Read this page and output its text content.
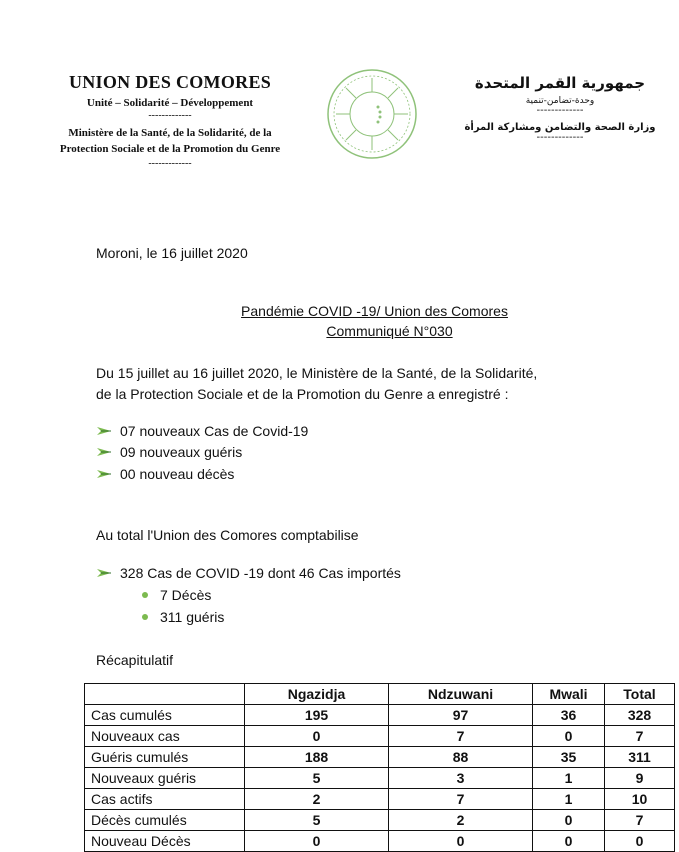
UNION DES COMORES
Unité – Solidarité – Développement
-------------
Ministère de la Santé, de la Solidarité, de la
Protection Sociale et de la Promotion du Genre
-------------
جمهورية القمر المتحدة
وحدة-تضامن-تنمية
-------------
وزارة الصحة والتضامن ومشاركة المرأة
-------------
Moroni, le 16 juillet 2020
Pandémie COVID -19/ Union des Comores
Communiqué N°030
Du 15 juillet au 16 juillet 2020, le Ministère de la Santé, de la Solidarité,
de la Protection Sociale et de la Promotion du Genre a enregistré :
07 nouveaux Cas de Covid-19
09 nouveaux guéris
00 nouveau décès
Au total l'Union des Comores comptabilise
328 Cas de COVID -19 dont 46 Cas importés
7 Décès
311 guéris
Récapitulatif
	Ngazidja	Ndzuwani	Mwali	Total
Cas cumulés	195	97	36	328
Nouveaux cas	0	7	0	7
Guéris cumulés	188	88	35	311
Nouveaux guéris	5	3	1	9
Cas actifs	2	7	1	10
Décès cumulés	5	2	0	7
Nouveau Décès	0	0	0	0
